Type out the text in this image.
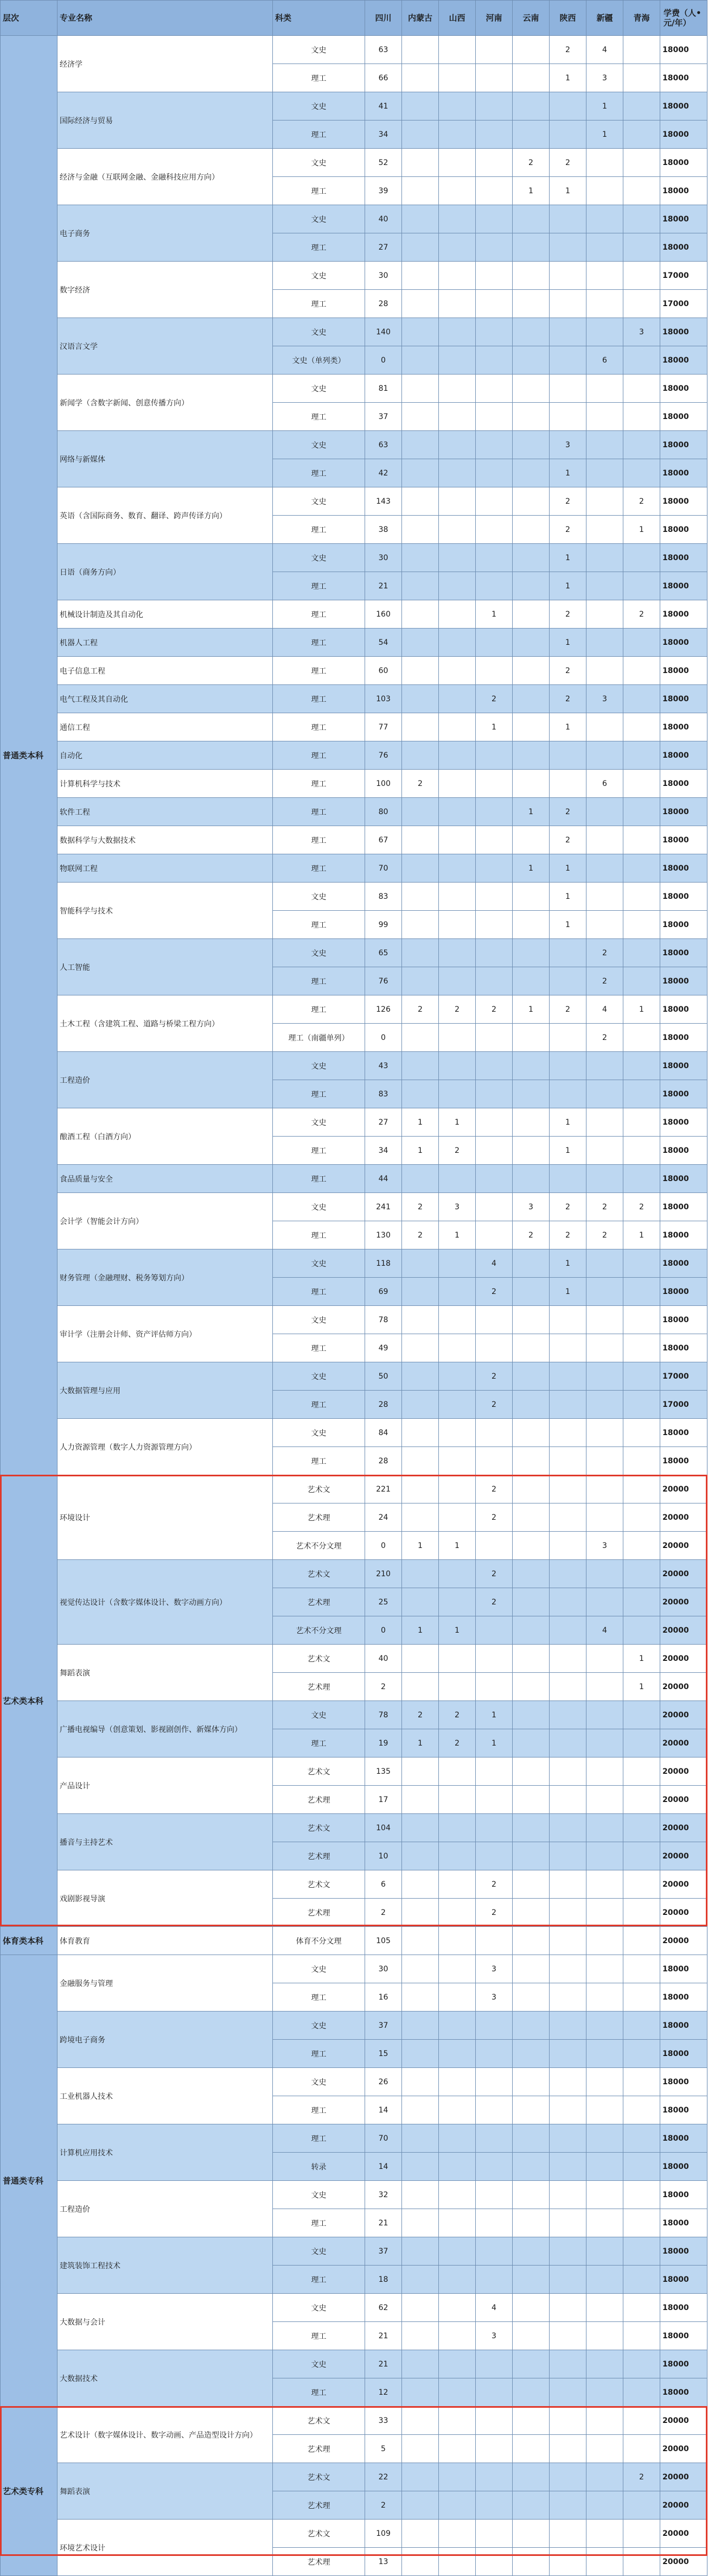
层次	专业名称	科类	四川	内蒙古	山西	河南	云南	陕西	新疆	青海	学费（人•元/年）
普通类本科	经济学	文史	63					2	4		18000
		理工	66					1	3		18000
	国际经济与贸易	文史	41						1		18000
		理工	34						1		18000
	经济与金融（互联网金融、金融科技应用方向）	文史	52				2	2			18000
		理工	39				1	1			18000
	电子商务	文史	40								18000
		理工	27								18000
	数字经济	文史	30								17000
		理工	28								17000
	汉语言文学	文史	140							3	18000
		文史（单列类）	0						6		18000
	新闻学（含数字新闻、创意传播方向）	文史	81								18000
		理工	37								18000
	网络与新媒体	文史	63					3			18000
		理工	42					1			18000
	英语（含国际商务、数育、翻译、跨声传译方向）	文史	143					2		2	18000
		理工	38					2		1	18000
	日语（商务方向）	文史	30					1			18000
		理工	21					1			18000
	机械设计制造及其自动化	理工	160			1		2		2	18000
	机器人工程	理工	54					1			18000
	电子信息工程	理工	60					2			18000
	电气工程及其自动化	理工	103			2		2	3		18000
	通信工程	理工	77			1		1			18000
	自动化	理工	76								18000
	计算机科学与技术	理工	100	2					6		18000
	软件工程	理工	80				1	2			18000
	数据科学与大数据技术	理工	67					2			18000
	物联网工程	理工	70				1	1			18000
	智能科学与技术	文史	83					1			18000
		理工	99					1			18000
	人工智能	文史	65						2		18000
		理工	76						2		18000
	土木工程（含建筑工程、道路与桥梁工程方向）	理工	126	2	2	2	1	2	4	1	18000
		理工（南疆单列）	0						2		18000
	工程造价	文史	43								18000
		理工	83								18000
	酿酒工程（白酒方向）	文史	27	1	1			1			18000
		理工	34	1	2			1			18000
	食品质量与安全	理工	44								18000
	会计学（智能会计方向）	文史	241	2	3		3	2	2	2	18000
		理工	130	2	1		2	2	2	1	18000
	财务管理（金融理财、税务筹划方向）	文史	118			4		1			18000
		理工	69			2		1			18000
	审计学（注册会计师、资产评估师方向）	文史	78								18000
		理工	49								18000
	大数据管理与应用	文史	50			2					17000
		理工	28			2					17000
	人力资源管理（数字人力资源管理方向）	文史	84								18000
		理工	28								18000
艺术类本科	环境设计	艺术文	221			2					20000
		艺术理	24			2					20000
		艺术不分文理	0	1	1				3		20000
	视觉传达设计（含数字媒体设计、数字动画方向）	艺术文	210			2					20000
		艺术理	25			2					20000
		艺术不分文理	0	1	1				4		20000
	舞蹈表演	艺术文	40							1	20000
		艺术理	2							1	20000
	广播电视编导（创意策划、影视剧创作、新媒体方向）	文史	78	2	2	1					20000
		理工	19	1	2	1					20000
	产品设计	艺术文	135								20000
		艺术理	17								20000
	播音与主持艺术	艺术文	104								20000
		艺术理	10								20000
	戏剧影视导演	艺术文	6			2					20000
		艺术理	2			2					20000
体育类本科	体育教育	体育不分文理	105								20000
普通类专科	金融服务与管理	文史	30			3					18000
		理工	16			3					18000
	跨境电子商务	文史	37								18000
		理工	15								18000
	工业机器人技术	文史	26								18000
		理工	14								18000
	计算机应用技术	理工	70								18000
		转录	14								18000
	工程造价	文史	32								18000
		理工	21								18000
	建筑装饰工程技术	文史	37								18000
		理工	18								18000
	大数据与会计	文史	62			4					18000
		理工	21			3					18000
	大数据技术	文史	21								18000
		理工	12								18000
艺术类专科	艺术设计（数字媒体设计、数字动画、产品造型设计方向）	艺术文	33								20000
		艺术理	5								20000
	舞蹈表演	艺术文	22							2	20000
		艺术理	2								20000
	环境艺术设计	艺术文	109								20000
		艺术理	13								20000
